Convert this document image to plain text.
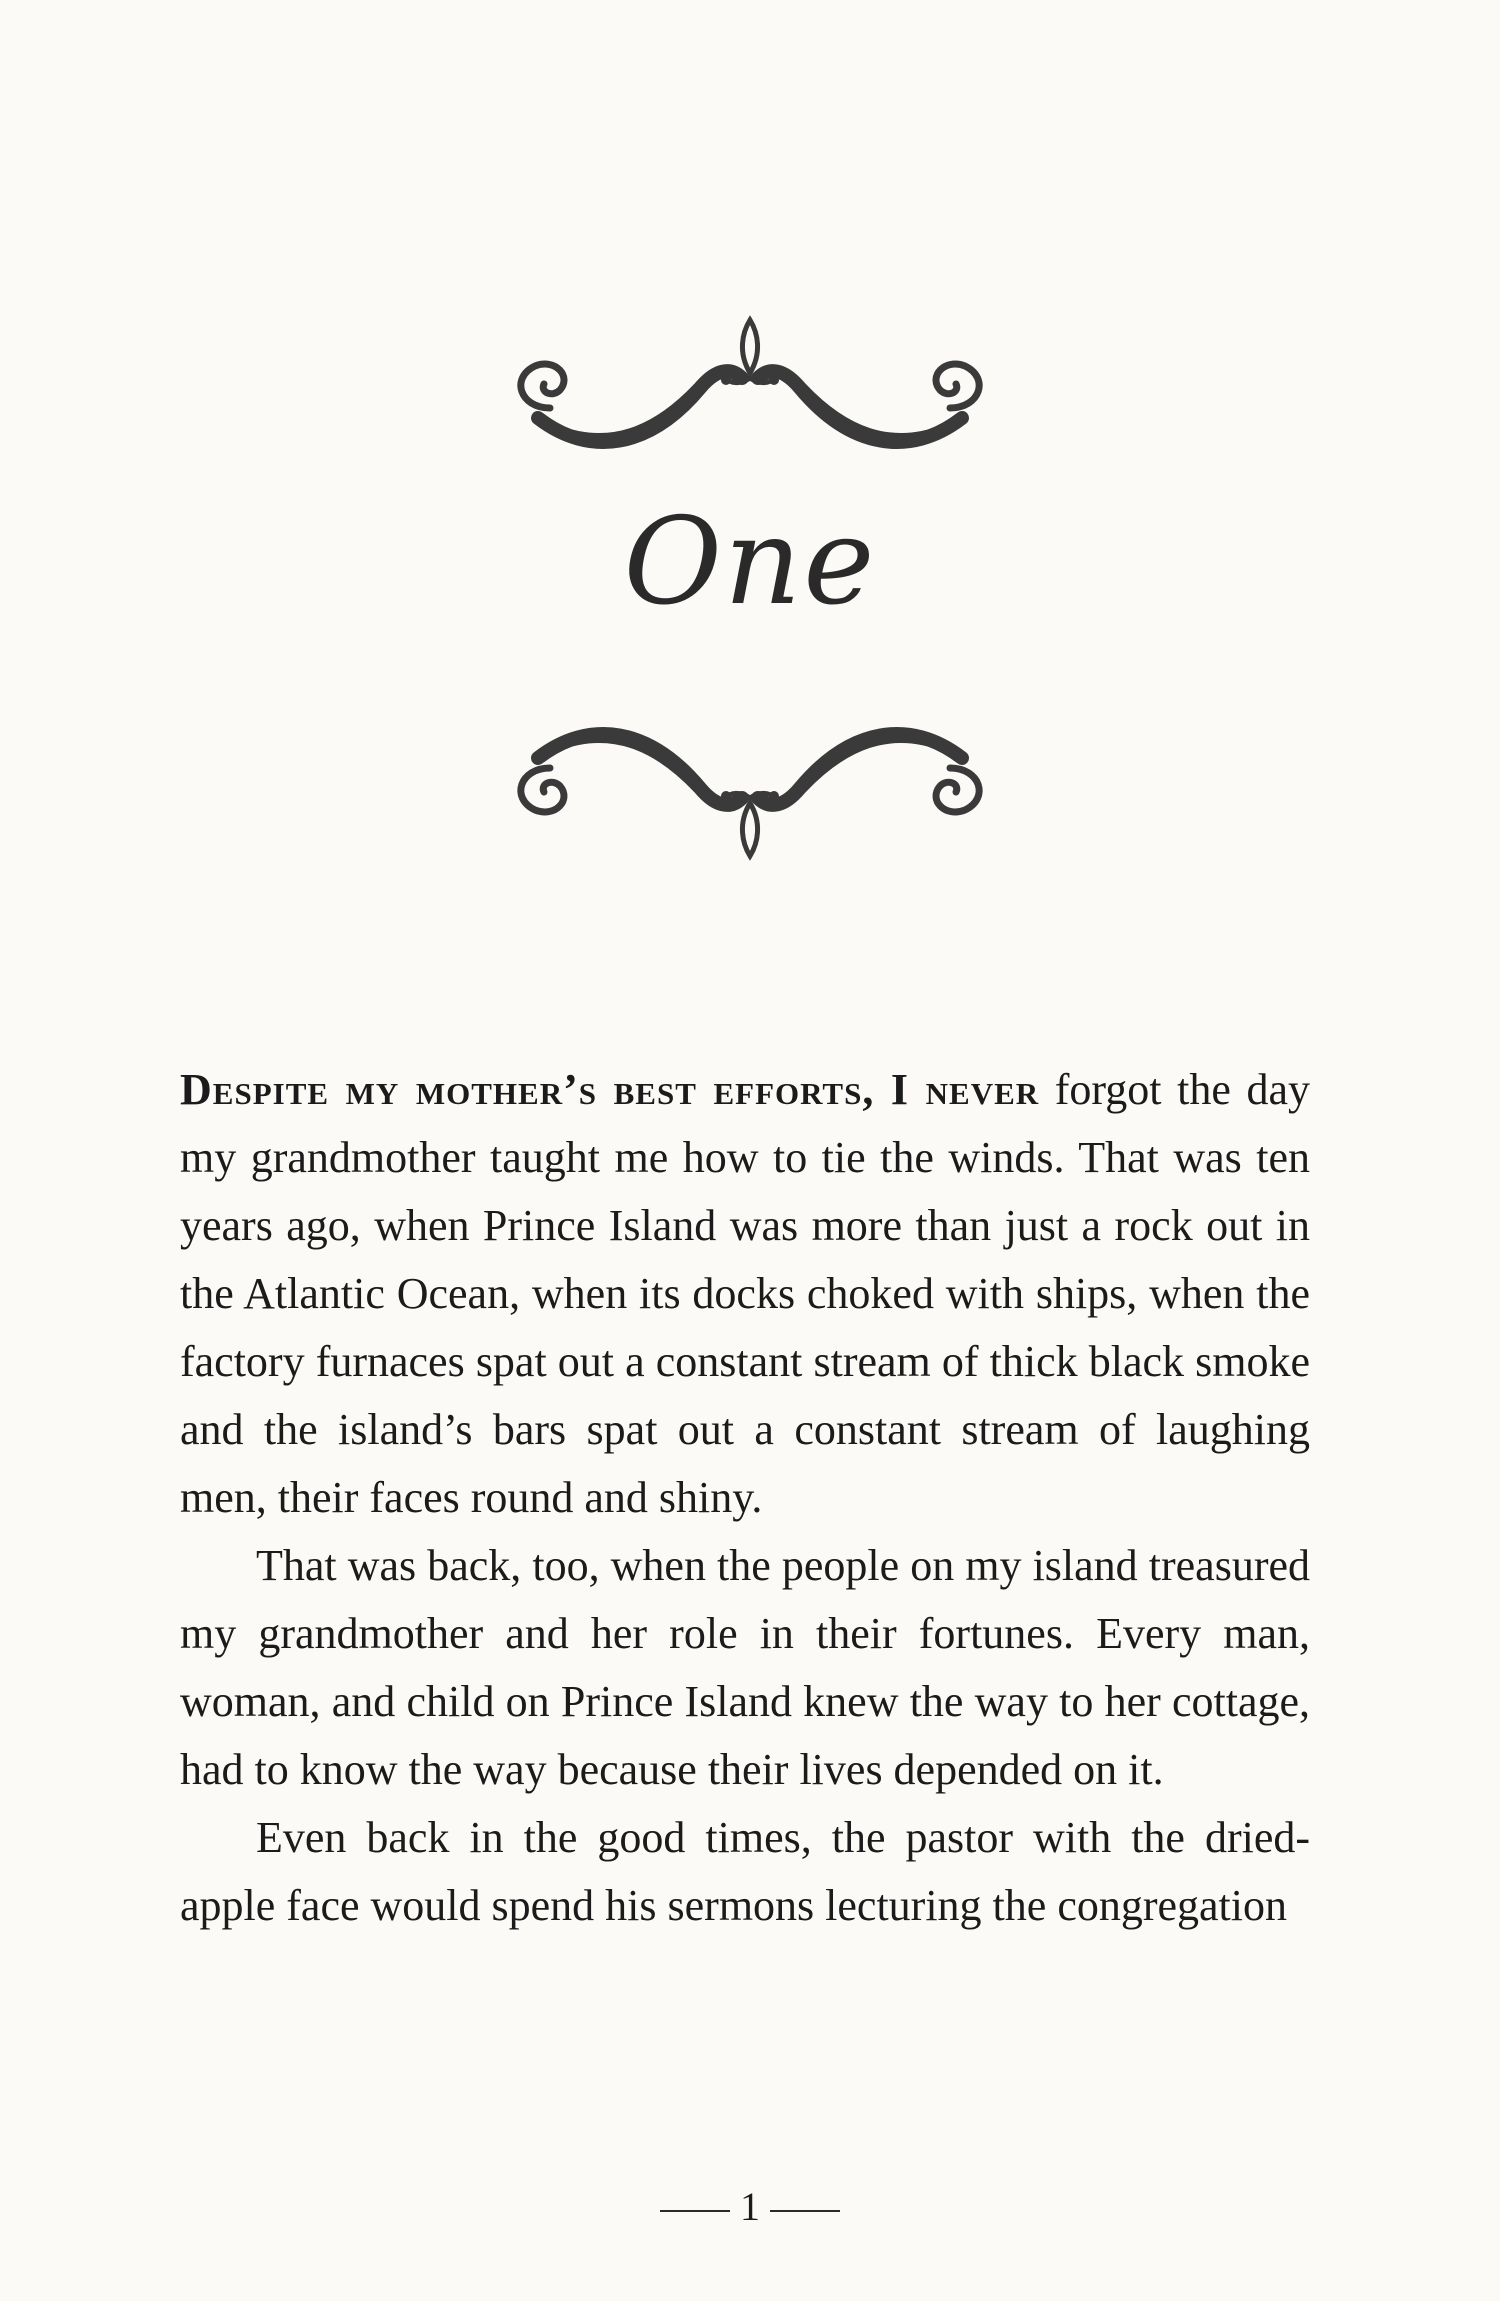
One

Despite my mother’s best efforts, I never forgot the day my grandmother taught me how to tie the winds. That was ten years ago, when Prince Island was more than just a rock out in the Atlantic Ocean, when its docks choked with ships, when the factory furnaces spat out a constant stream of thick black smoke and the island’s bars spat out a constant stream of laughing men, their faces round and shiny.

That was back, too, when the people on my island treasured my grandmother and her role in their fortunes. Every man, woman, and child on Prince Island knew the way to her cottage, had to know the way because their lives depended on it.

Even back in the good times, the pastor with the dried-apple face would spend his sermons lecturing the congregation

1
